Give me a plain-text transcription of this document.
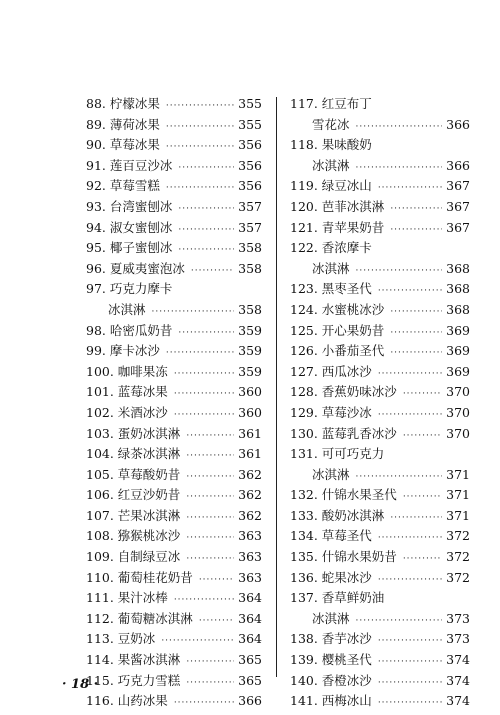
88. 柠檬冰果 ·····	355
89. 薄荷冰果 ·····	355
90. 草莓冰果 ·····	356
91. 莲百豆沙冰 ·····	356
92. 草莓雪糕 ·····	356
93. 台湾蜜刨冰 ·····	357
94. 淑女蜜刨冰 ·····	357
95. 椰子蜜刨冰 ·····	358
96. 夏威夷蜜泡冰 ·····	358
97. 巧克力摩卡
冰淇淋 ·····	358
98. 哈密瓜奶昔 ·····	359
99. 摩卡冰沙 ·····	359
100. 咖啡果冻 ·····	359
101. 蓝莓冰果 ·····	360
102. 米酒冰沙 ·····	360
103. 蛋奶冰淇淋 ·····	361
104. 绿茶冰淇淋 ·····	361
105. 草莓酸奶昔 ·····	362
106. 红豆沙奶昔 ·····	362
107. 芒果冰淇淋 ·····	362
108. 猕猴桃冰沙 ·····	363
109. 自制绿豆冰 ·····	363
110. 葡萄桂花奶昔 ·····	363
111. 果汁冰棒 ·····	364
112. 葡萄糖冰淇淋 ·····	364
113. 豆奶冰 ·····	364
114. 果酱冰淇淋 ·····	365
115. 巧克力雪糕 ·····	365
116. 山药冰果 ·····	366
117. 红豆布丁
雪花冰 ·····	366
118. 果味酸奶
冰淇淋 ·····	366
119. 绿豆冰山 ·····	367
120. 芭菲冰淇淋 ·····	367
121. 青苹果奶昔 ·····	367
122. 香浓摩卡
冰淇淋 ·····	368
123. 黑枣圣代 ·····	368
124. 水蜜桃冰沙 ·····	368
125. 开心果奶昔 ·····	369
126. 小番茄圣代 ·····	369
127. 西瓜冰沙 ·····	369
128. 香蕉奶味冰沙 ·····	370
129. 草莓沙冰 ·····	370
130. 蓝莓乳香冰沙 ·····	370
131. 可可巧克力
冰淇淋 ·····	371
132. 什锦水果圣代 ·····	371
133. 酸奶冰淇淋 ·····	371
134. 草莓圣代 ·····	372
135. 什锦水果奶昔 ·····	372
136. 蛇果冰沙 ·····	372
137. 香草鲜奶油
冰淇淋 ·····	373
138. 香芋冰沙 ·····	373
139. 樱桃圣代 ·····	374
140. 香橙冰沙 ·····	374
141. 西梅冰山 ·····	374
· 18 ·
